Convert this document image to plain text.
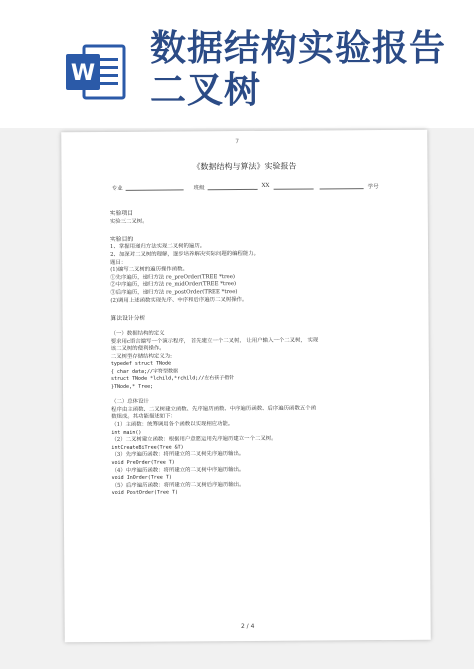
W
数据结构实验报告
二叉树
7
《数据结构与算法》实验报告
专业	班级	XX	学号
实验项目
实验三二叉树。
实验目的
1、掌握用递归方法实现二叉树的遍历。
2、加深对二叉树的理解，逐步培养解决实际问题的编程能力。
题目：
(1)编写二叉树的遍历操作函数。
①先序遍历，递归方法 re_preOrder(TREE *tree)
②中序遍历，递归方法 re_midOrder(TREE *tree)
③后序遍历，递归方法 re_postOrder(TREE *tree)
(2)调用上述函数实现先序、中序和后序遍历二叉树操作。
算法设计分析
（一）数据结构的定义
要求用c语言编写一个演示程序， 首先建立一个二叉树， 让用户输入一个二叉树， 实现
该二叉树的便利操作。
二叉树型存储结构定义为:
typedef struct TNode
{ char data;//字符型数据
struct TNode *lchild,*rchild;//左右孩子指针
}TNode,* Tree;
（二）总体设计
程序由主函数、二叉树建立函数、先序遍历函数、中序遍历函数、后序遍历函数五个函
数组成。其功能描述如下：
（1）主函数：统筹调用各个函数以实现相应功能。
int main()
（2）二叉树建立函数：根据用户意愿运用先序遍历建立一个二叉树。
intCreateBiTree(Tree &T)
（3）先序遍历函数：将所建立的二叉树先序遍历输出。
void PreOrder(Tree T)
（4）中序遍历函数：将所建立的二叉树中序遍历输出。
void InOrder(Tree T)
（5）后序遍历函数：将所建立的二叉树后序遍历输出。
void PostOrder(Tree T)
2 / 4
